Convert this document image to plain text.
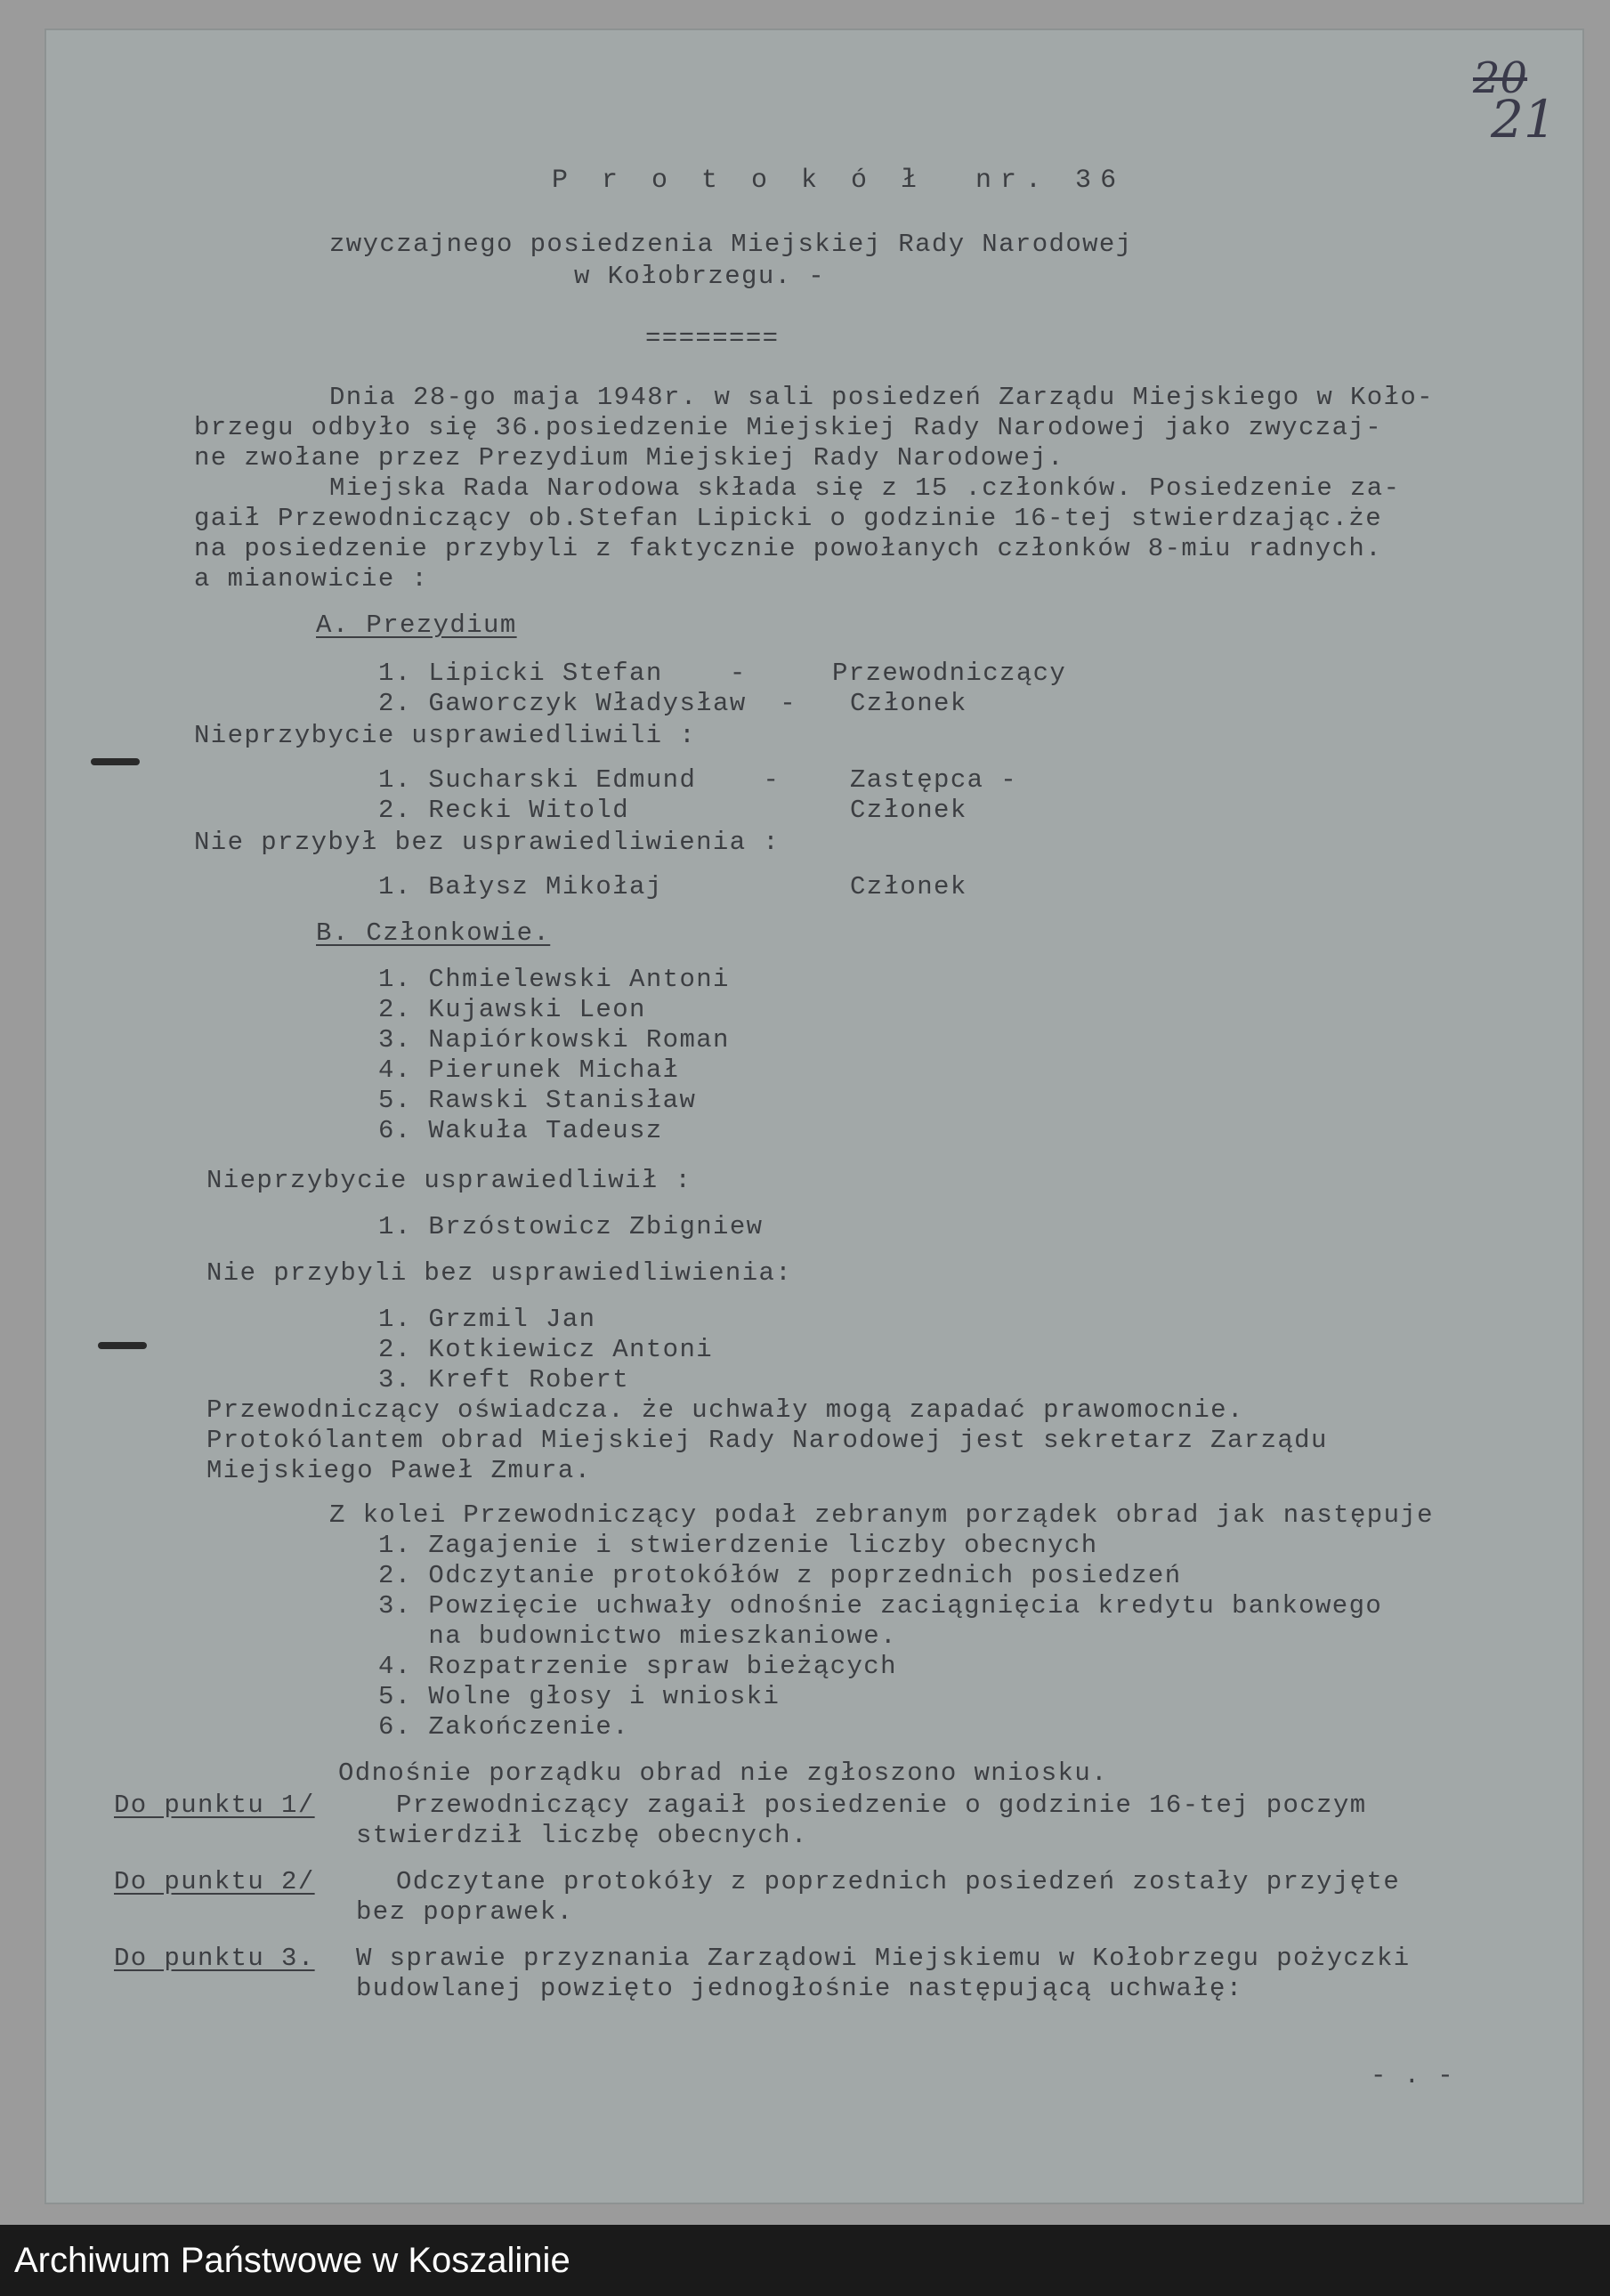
20
21
P r o t o k ó ł  nr. 36
zwyczajnego posiedzenia Miejskiej Rady Narodowej
w Kołobrzegu. -
========
Dnia 28-go maja 1948r. w sali posiedzeń Zarządu Miejskiego w Koło-
brzegu odbyło się 36.posiedzenie Miejskiej Rady Narodowej jako zwyczaj-
ne zwołane przez Prezydium Miejskiej Rady Narodowej.
Miejska Rada Narodowa składa się z 15 .członków. Posiedzenie za-
gaił Przewodniczący ob.Stefan Lipicki o godzinie 16-tej stwierdzając.że
na posiedzenie przybyli z faktycznie powołanych członków 8-miu radnych.
a mianowicie :
A. Prezydium
1. Lipicki Stefan    -	Przewodniczący
2. Gaworczyk Władysław  - Członek
Nieprzybycie usprawiedliwili :
1. Sucharski Edmund    -	Zastępca -
2. Recki Witold	Członek
Nie przybył bez usprawiedliwienia :
1. Bałysz Mikołaj	Członek
B. Członkowie.
1. Chmielewski Antoni
2. Kujawski Leon
3. Napiórkowski Roman
4. Pierunek Michał
5. Rawski Stanisław
6. Wakuła Tadeusz
Nieprzybycie usprawiedliwił :
1. Brzóstowicz Zbigniew
Nie przybyli bez usprawiedliwienia:
1. Grzmil Jan
2. Kotkiewicz Antoni
3. Kreft Robert
Przewodniczący oświadcza. że uchwały mogą zapadać prawomocnie.
Protokólantem obrad Miejskiej Rady Narodowej jest sekretarz Zarządu
Miejskiego Paweł Zmura.
Z kolei Przewodniczący podał zebranym porządek obrad jak następuje
1. Zagajenie i stwierdzenie liczby obecnych
2. Odczytanie protokółów z poprzednich posiedzeń
3. Powzięcie uchwały odnośnie zaciągnięcia kredytu bankowego
na budownictwo mieszkaniowe.
4. Rozpatrzenie spraw bieżących
5. Wolne głosy i wnioski
6. Zakończenie.
Odnośnie porządku obrad nie zgłoszono wniosku.
Do punktu 1/	Przewodniczący zagaił posiedzenie o godzinie 16-tej poczym
stwierdził liczbę obecnych.
Do punktu 2/	Odczytane protokóły z poprzednich posiedzeń zostały przyjęte
bez poprawek.
Do punktu 3. W sprawie przyznania Zarządowi Miejskiemu w Kołobrzegu pożyczki
budowlanej powzięto jednogłośnie następującą uchwałę:
- . -
Archiwum Państwowe w Koszalinie
